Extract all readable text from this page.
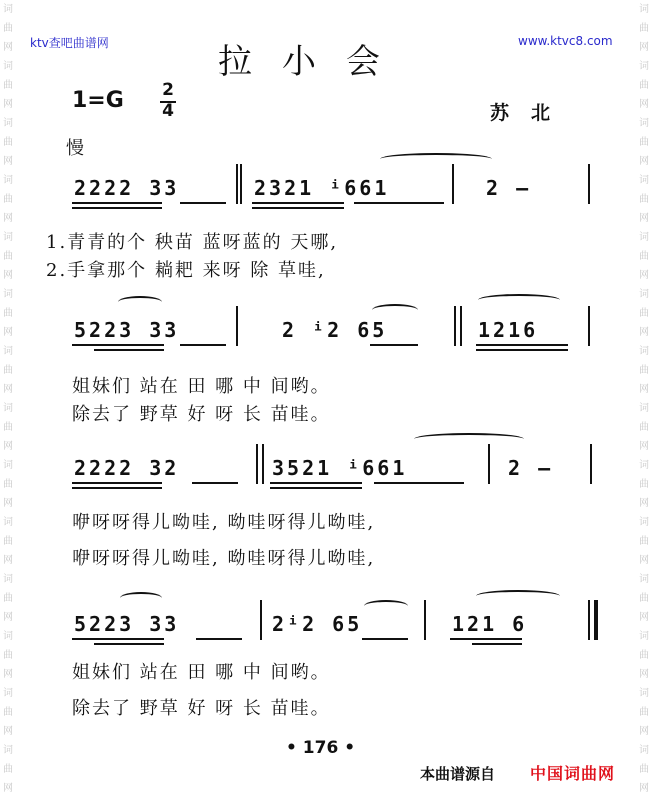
词
曲
网
词
曲
网
词
曲
网
词
曲
网
词
曲
网
词
曲
网
词
曲
网
词
曲
网
词
曲
网
词
曲
网
词
曲
网
词
曲
网
词
曲
网
词
曲
网
词
曲
网
词
曲
网
词
曲
网
词
曲
网
词
曲
网
词
曲
网
词
曲
网
词
曲
网
词
曲
网
词
曲
网
词
曲
网
词
曲
网
词
曲
网
词
曲
网
ktv查吧曲谱网	www.ktvc8.com
拉小会
1=G 2
4	苏北
慢
2222 33	2321 ⁱ661	2 —
1.青青的个 秧苗 蓝呀蓝的 天哪,
2.手拿那个 耥耙 来呀 除 草哇,
5223 33	2 ⁱ2 65	1216
姐妹们 站在 田 哪 中 间哟。
除去了 野草 好 呀 长 苗哇。
2222 32	3521 ⁱ661	2 —
咿呀呀得儿呦哇, 呦哇呀得儿呦哇,
咿呀呀得儿呦哇, 呦哇呀得儿呦哇,
5223 33	2ⁱ2 65	121 6
姐妹们 站在 田 哪 中 间哟。
除去了 野草 好 呀 长 苗哇。
• 176 •
本曲谱源自 中国词曲网
